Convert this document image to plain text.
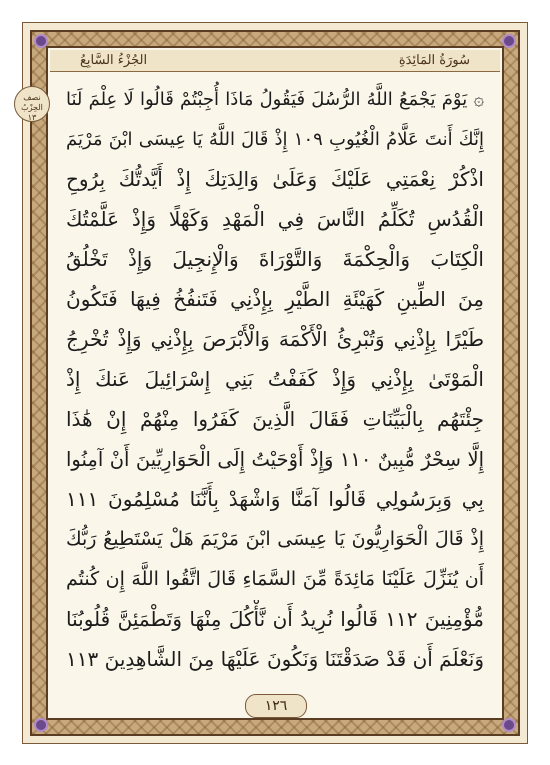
الجُزْءُ السَّابِعُ	سُورَةُ المَائِدَةِ
نصف
الحِزْبُ
١٣
۞ يَوْمَ يَجْمَعُ اللَّهُ الرُّسُلَ فَيَقُولُ مَاذَا أُجِبْتُمْ قَالُوا لَا عِلْمَ لَنَا
إِنَّكَ أَنتَ عَلَّامُ الْغُيُوبِ ١٠٩ إِذْ قَالَ اللَّهُ يَا عِيسَى ابْنَ مَرْيَمَ
اذْكُرْ نِعْمَتِي عَلَيْكَ وَعَلَىٰ وَالِدَتِكَ إِذْ أَيَّدتُّكَ بِرُوحِ
الْقُدُسِ تُكَلِّمُ النَّاسَ فِي الْمَهْدِ وَكَهْلًا وَإِذْ عَلَّمْتُكَ
الْكِتَابَ وَالْحِكْمَةَ وَالتَّوْرَاةَ وَالْإِنجِيلَ وَإِذْ تَخْلُقُ
مِنَ الطِّينِ كَهَيْئَةِ الطَّيْرِ بِإِذْنِي فَتَنفُخُ فِيهَا فَتَكُونُ
طَيْرًا بِإِذْنِي وَتُبْرِئُ الْأَكْمَهَ وَالْأَبْرَصَ بِإِذْنِي وَإِذْ تُخْرِجُ
الْمَوْتَىٰ بِإِذْنِي وَإِذْ كَفَفْتُ بَنِي إِسْرَائِيلَ عَنكَ إِذْ
جِئْتَهُم بِالْبَيِّنَاتِ فَقَالَ الَّذِينَ كَفَرُوا مِنْهُمْ إِنْ هَٰذَا
إِلَّا سِحْرٌ مُّبِينٌ ١١٠ وَإِذْ أَوْحَيْتُ إِلَى الْحَوَارِيِّينَ أَنْ آمِنُوا
بِي وَبِرَسُولِي قَالُوا آمَنَّا وَاشْهَدْ بِأَنَّنَا مُسْلِمُونَ ١١١
إِذْ قَالَ الْحَوَارِيُّونَ يَا عِيسَى ابْنَ مَرْيَمَ هَلْ يَسْتَطِيعُ رَبُّكَ
أَن يُنَزِّلَ عَلَيْنَا مَائِدَةً مِّنَ السَّمَاءِ قَالَ اتَّقُوا اللَّهَ إِن كُنتُم
مُّؤْمِنِينَ ١١٢ قَالُوا نُرِيدُ أَن نَّأْكُلَ مِنْهَا وَتَطْمَئِنَّ قُلُوبُنَا
وَنَعْلَمَ أَن قَدْ صَدَقْتَنَا وَنَكُونَ عَلَيْهَا مِنَ الشَّاهِدِينَ ١١٣
١٢٦
